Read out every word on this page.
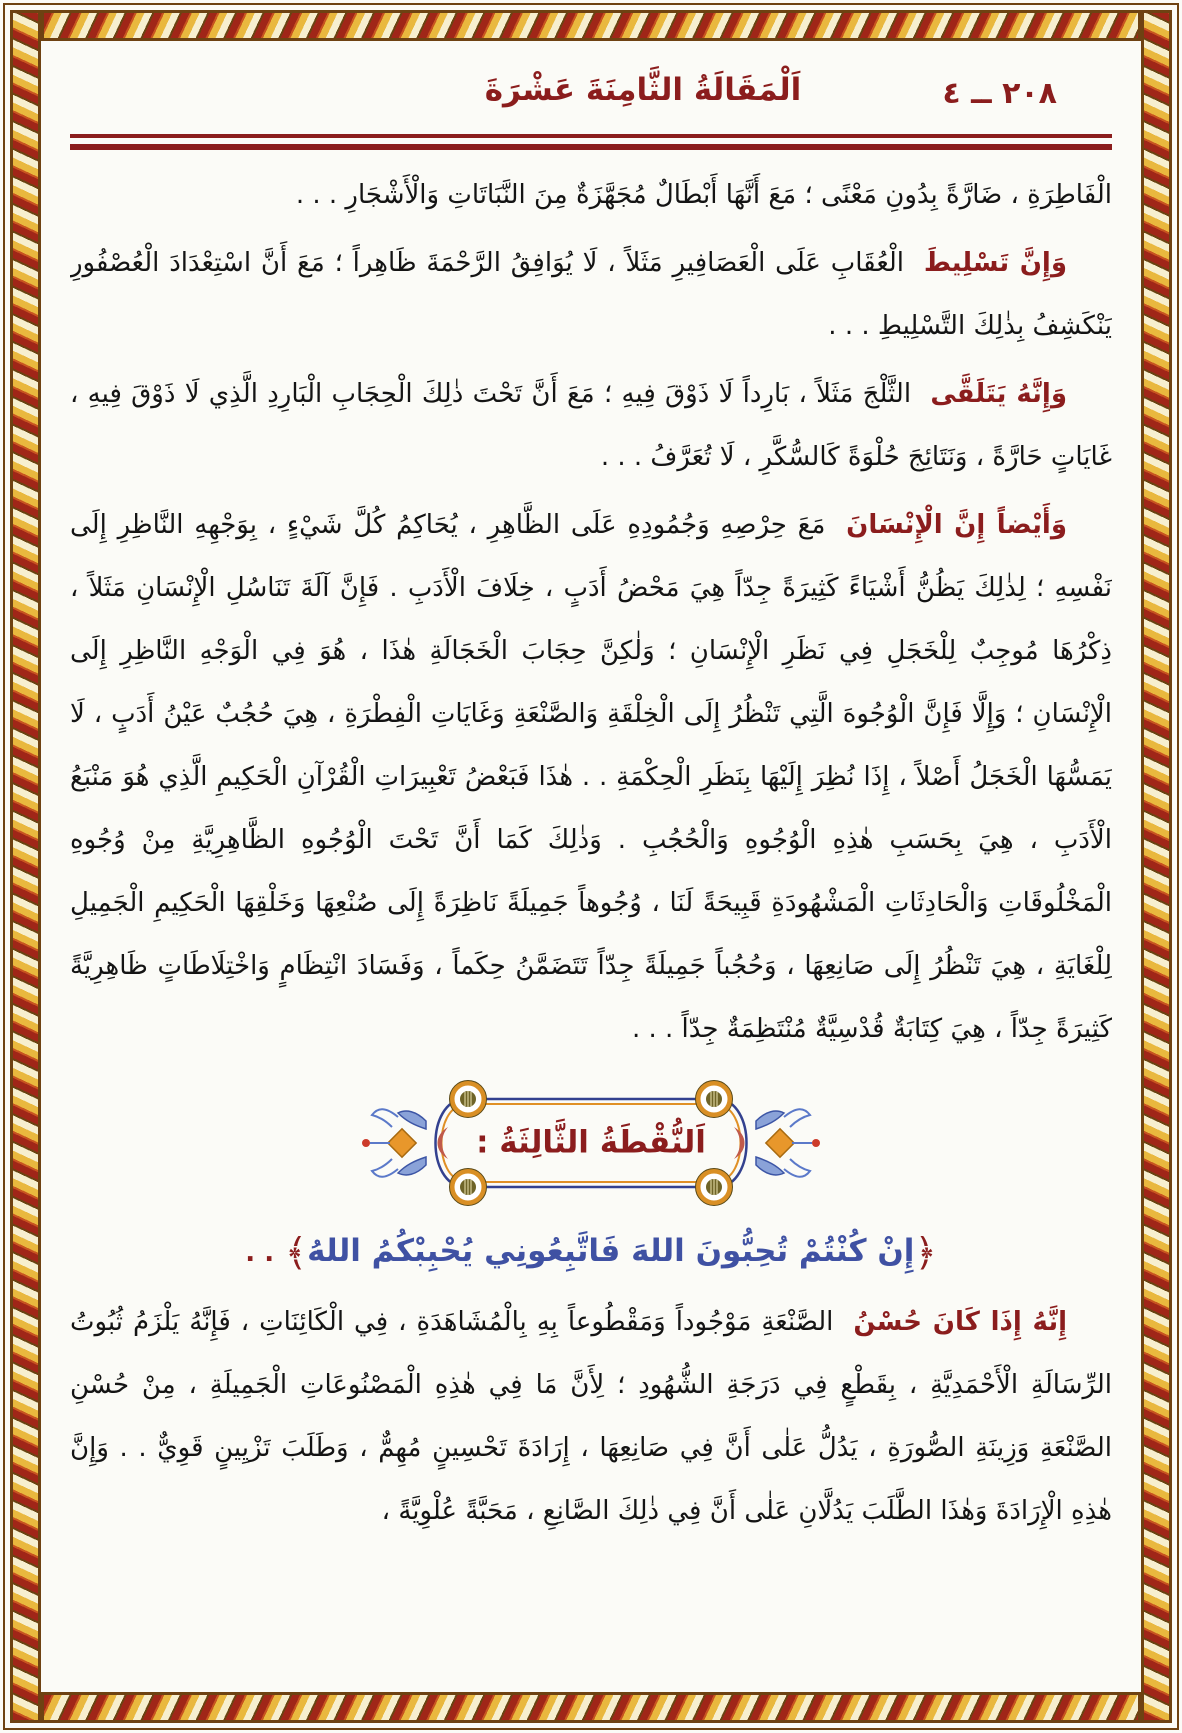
٢٠٨ ــ ٤
اَلْمَقَالَةُ الثَّامِنَةَ عَشْرَةَ

الْفَاطِرَةِ ، ضَارَّةً بِدُونِ مَعْنًى ؛ مَعَ أَنَّهَا أَبْطَالٌ مُجَهَّزَةٌ مِنَ النَّبَاتَاتِ وَالْأَشْجَارِ . . .

وَإِنَّ تَسْلِيطَ الْعُقَابِ عَلَى الْعَصَافِيرِ مَثَلاً ، لَا يُوَافِقُ الرَّحْمَةَ ظَاهِراً ؛ مَعَ أَنَّ اسْتِعْدَادَ الْعُصْفُورِ يَنْكَشِفُ بِذٰلِكَ التَّسْلِيطِ . . .

وَإِنَّهُ يَتَلَقَّى الثَّلْجَ مَثَلاً ، بَارِداً لَا ذَوْقَ فِيهِ ؛ مَعَ أَنَّ تَحْتَ ذٰلِكَ الْحِجَابِ الْبَارِدِ الَّذِي لَا ذَوْقَ فِيهِ ، غَايَاتٍ حَارَّةً ، وَنَتَائِجَ حُلْوَةً كَالسُّكَّرِ ، لَا تُعَرَّفُ . . .

وَأَيْضاً إِنَّ الْإِنْسَانَ مَعَ حِرْصِهِ وَجُمُودِهِ عَلَى الظَّاهِرِ ، يُحَاكِمُ كُلَّ شَيْءٍ ، بِوَجْهِهِ النَّاظِرِ إِلَى نَفْسِهِ ؛ لِذٰلِكَ يَظُنُّ أَشْيَاءً كَثِيرَةً جِدّاً هِيَ مَحْضُ أَدَبٍ ، خِلَافَ الْأَدَبِ . فَإِنَّ آلَةَ تَنَاسُلِ الْإِنْسَانِ مَثَلاً ، ذِكْرُهَا مُوجِبٌ لِلْخَجَلِ فِي نَظَرِ الْإِنْسَانِ ؛ وَلٰكِنَّ حِجَابَ الْخَجَالَةِ هٰذَا ، هُوَ فِي الْوَجْهِ النَّاظِرِ إِلَى الْإِنْسَانِ ؛ وَإِلَّا فَإِنَّ الْوُجُوهَ الَّتِي تَنْظُرُ إِلَى الْخِلْقَةِ وَالصَّنْعَةِ وَغَايَاتِ الْفِطْرَةِ ، هِيَ حُجُبٌ عَيْنُ أَدَبٍ ، لَا يَمَسُّهَا الْخَجَلُ أَصْلاً ، إِذَا نُظِرَ إِلَيْهَا بِنَظَرِ الْحِكْمَةِ . . هٰذَا فَبَعْضُ تَعْبِيرَاتِ الْقُرْآنِ الْحَكِيمِ الَّذِي هُوَ مَنْبَعُ الْأَدَبِ ، هِيَ بِحَسَبِ هٰذِهِ الْوُجُوهِ وَالْحُجُبِ . وَذٰلِكَ كَمَا أَنَّ تَحْتَ الْوُجُوهِ الظَّاهِرِيَّةِ مِنْ وُجُوهِ الْمَخْلُوقَاتِ وَالْحَادِثَاتِ الْمَشْهُودَةِ قَبِيحَةً لَنَا ، وُجُوهاً جَمِيلَةً نَاظِرَةً إِلَى صُنْعِهَا وَخَلْقِهَا الْحَكِيمِ الْجَمِيلِ لِلْغَايَةِ ، هِيَ تَنْظُرُ إِلَى صَانِعِهَا ، وَحُجُباً جَمِيلَةً جِدّاً تَتَضَمَّنُ حِكَماً ، وَفَسَادَ انْتِظَامٍ وَاخْتِلَاطَاتٍ ظَاهِرِيَّةً كَثِيرَةً جِدّاً ، هِيَ كِتَابَةٌ قُدْسِيَّةٌ مُنْتَظِمَةٌ جِدّاً . . .

اَلنُّقْطَةُ الثَّالِثَةُ :
﴿إِنْ كُنْتُمْ تُحِبُّونَ اللهَ فَاتَّبِعُونِي يُحْبِبْكُمُ اللهُ﴾ . .

إِنَّهُ إِذَا كَانَ حُسْنُ الصَّنْعَةِ مَوْجُوداً وَمَقْطُوعاً بِهِ بِالْمُشَاهَدَةِ ، فِي الْكَائِنَاتِ ، فَإِنَّهُ يَلْزَمُ ثُبُوتُ الرِّسَالَةِ الْأَحْمَدِيَّةِ ، بِقَطْعٍ فِي دَرَجَةِ الشُّهُودِ ؛ لِأَنَّ مَا فِي هٰذِهِ الْمَصْنُوعَاتِ الْجَمِيلَةِ ، مِنْ حُسْنِ الصَّنْعَةِ وَزِينَةِ الصُّورَةِ ، يَدُلُّ عَلٰى أَنَّ فِي صَانِعِهَا ، إِرَادَةَ تَحْسِينٍ مُهِمٌّ ، وَطَلَبَ تَزْيِينٍ قَوِيٌّ . . وَإِنَّ هٰذِهِ الْإِرَادَةَ وَهٰذَا الطَّلَبَ يَدُلَّانِ عَلٰى أَنَّ فِي ذٰلِكَ الصَّانِعِ ، مَحَبَّةً عُلْوِيَّةً ،
